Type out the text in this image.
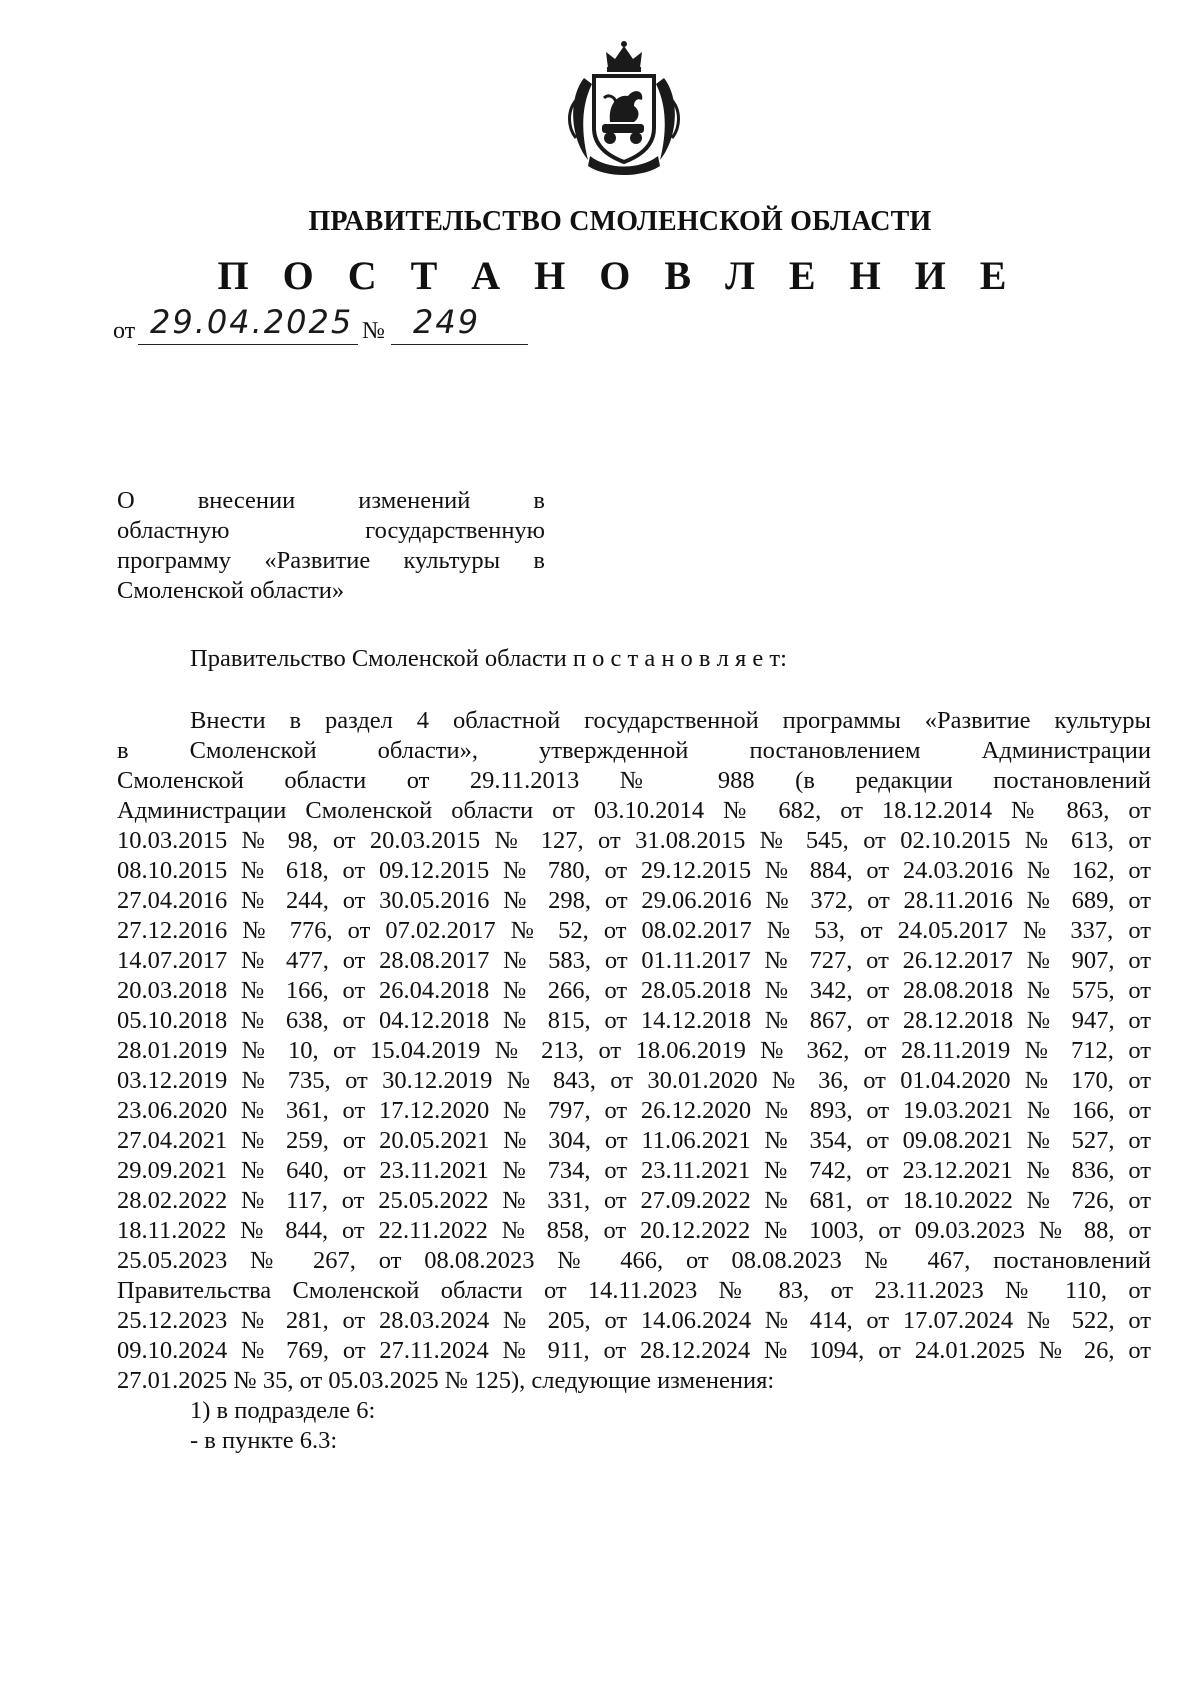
ПРАВИТЕЛЬСТВО СМОЛЕНСКОЙ ОБЛАСТИ
П О С Т А Н О В Л Е Н И Е
от 29.04.2025 № 249
О внесении изменений в
областную государственную
программу «Развитие культуры в
Смоленской области»
Правительство Смоленской области п о с т а н о в л я е т:
Внести в раздел 4 областной государственной программы «Развитие культуры
в Смоленской области», утвержденной постановлением Администрации
Смоленской области от 29.11.2013 № 988 (в редакции постановлений
Администрации Смоленской области от 03.10.2014 № 682, от 18.12.2014 № 863, от
10.03.2015 № 98, от 20.03.2015 № 127, от 31.08.2015 № 545, от 02.10.2015 № 613, от
08.10.2015 № 618, от 09.12.2015 № 780, от 29.12.2015 № 884, от 24.03.2016 № 162, от
27.04.2016 № 244, от 30.05.2016 № 298, от 29.06.2016 № 372, от 28.11.2016 № 689, от
27.12.2016 № 776, от 07.02.2017 № 52, от 08.02.2017 № 53, от 24.05.2017 № 337, от
14.07.2017 № 477, от 28.08.2017 № 583, от 01.11.2017 № 727, от 26.12.2017 № 907, от
20.03.2018 № 166, от 26.04.2018 № 266, от 28.05.2018 № 342, от 28.08.2018 № 575, от
05.10.2018 № 638, от 04.12.2018 № 815, от 14.12.2018 № 867, от 28.12.2018 № 947, от
28.01.2019 № 10, от 15.04.2019 № 213, от 18.06.2019 № 362, от 28.11.2019 № 712, от
03.12.2019 № 735, от 30.12.2019 № 843, от 30.01.2020 № 36, от 01.04.2020 № 170, от
23.06.2020 № 361, от 17.12.2020 № 797, от 26.12.2020 № 893, от 19.03.2021 № 166, от
27.04.2021 № 259, от 20.05.2021 № 304, от 11.06.2021 № 354, от 09.08.2021 № 527, от
29.09.2021 № 640, от 23.11.2021 № 734, от 23.11.2021 № 742, от 23.12.2021 № 836, от
28.02.2022 № 117, от 25.05.2022 № 331, от 27.09.2022 № 681, от 18.10.2022 № 726, от
18.11.2022 № 844, от 22.11.2022 № 858, от 20.12.2022 № 1003, от 09.03.2023 № 88, от
25.05.2023 № 267, от 08.08.2023 № 466, от 08.08.2023 № 467, постановлений
Правительства Смоленской области от 14.11.2023 № 83, от 23.11.2023 № 110, от
25.12.2023 № 281, от 28.03.2024 № 205, от 14.06.2024 № 414, от 17.07.2024 № 522, от
09.10.2024 № 769, от 27.11.2024 № 911, от 28.12.2024 № 1094, от 24.01.2025 № 26, от
27.01.2025 № 35, от 05.03.2025 № 125), следующие изменения:
1) в подразделе 6:
- в пункте 6.3:
